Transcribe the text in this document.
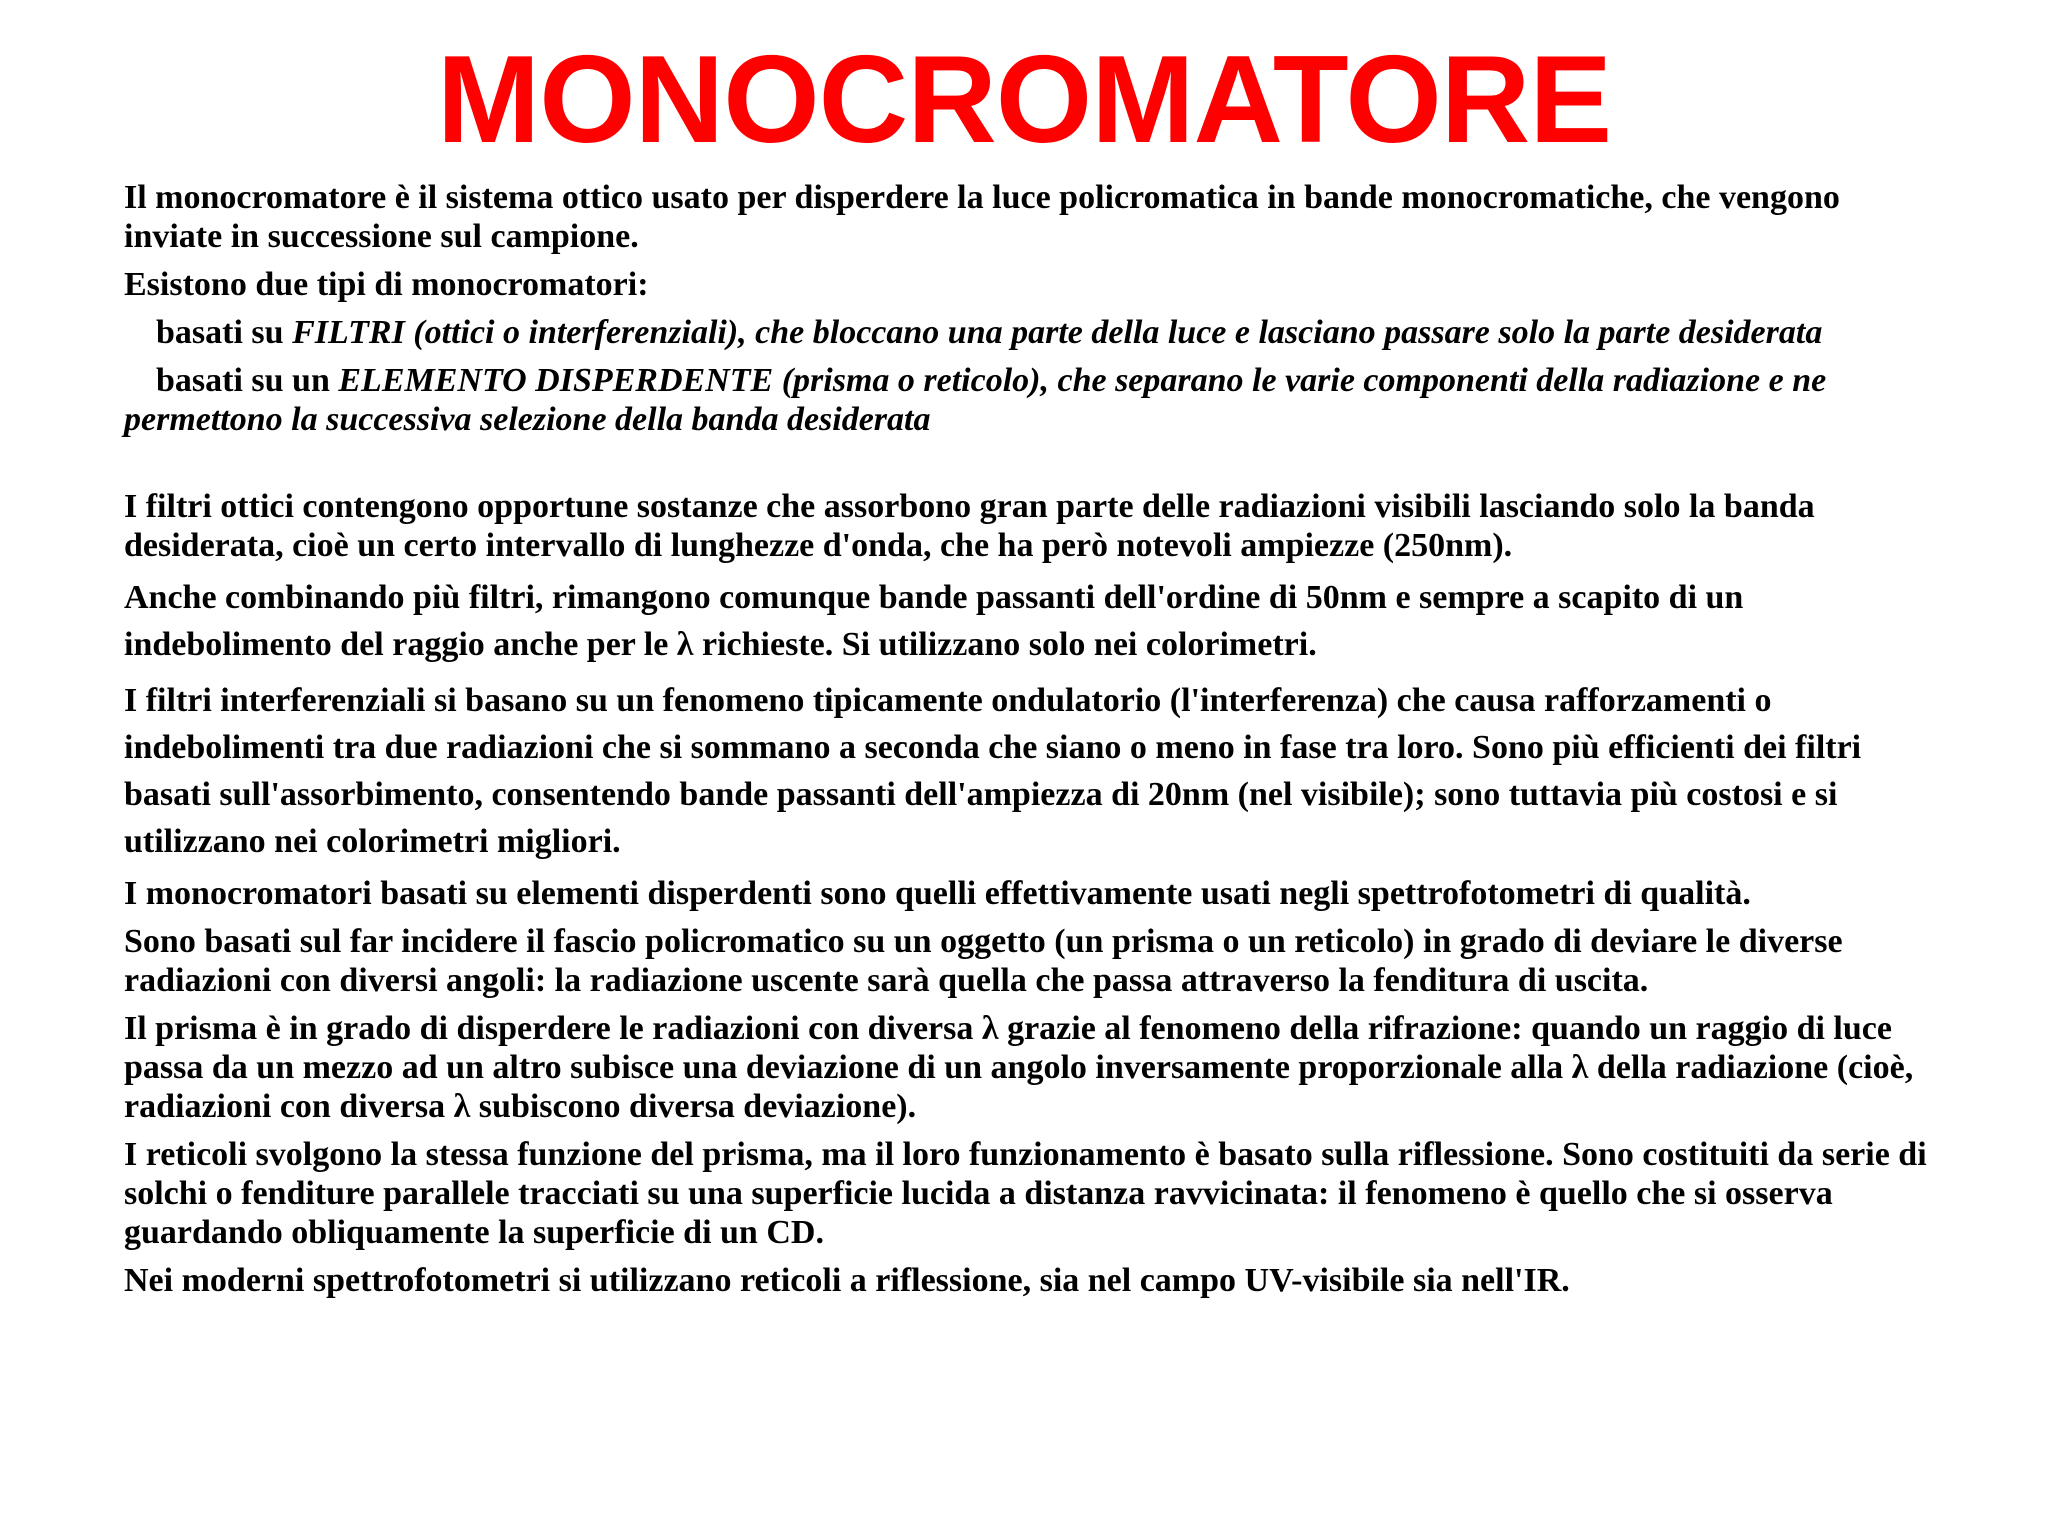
MONOCROMATORE

Il monocromatore è il sistema ottico usato per disperdere la luce policromatica in bande monocromatiche, che vengono inviate in successione sul campione.

Esistono due tipi di monocromatori:

basati su FILTRI (ottici o interferenziali), che bloccano una parte della luce e lasciano passare solo la parte desiderata

basati su un ELEMENTO DISPERDENTE (prisma o reticolo), che separano le varie componenti della radiazione e ne permettono la successiva selezione della banda desiderata

I filtri ottici contengono opportune sostanze che assorbono gran parte delle radiazioni visibili lasciando solo la banda desiderata, cioè un certo intervallo di lunghezze d'onda, che ha però notevoli ampiezze (250nm).

Anche combinando più filtri, rimangono comunque bande passanti dell'ordine di 50nm e sempre a scapito di un indebolimento del raggio anche per le λ richieste. Si utilizzano solo nei colorimetri.

I filtri interferenziali si basano su un fenomeno tipicamente ondulatorio (l'interferenza) che causa rafforzamenti o indebolimenti tra due radiazioni che si sommano a seconda che siano o meno in fase tra loro. Sono più efficienti dei filtri basati sull'assorbimento, consentendo bande passanti dell'ampiezza di 20nm (nel visibile); sono tuttavia più costosi e si utilizzano nei colorimetri migliori.

I monocromatori basati su elementi disperdenti sono quelli effettivamente usati negli spettrofotometri di qualità.

Sono basati sul far incidere il fascio policromatico su un oggetto (un prisma o un reticolo) in grado di deviare le diverse radiazioni con diversi angoli: la radiazione uscente sarà quella che passa attraverso la fenditura di uscita.

Il prisma è in grado di disperdere le radiazioni con diversa λ grazie al fenomeno della rifrazione: quando un raggio di luce passa da un mezzo ad un altro subisce una deviazione di un angolo inversamente proporzionale alla λ della radiazione (cioè, radiazioni con diversa λ subiscono diversa deviazione).

I reticoli svolgono la stessa funzione del prisma, ma il loro funzionamento è basato sulla riflessione. Sono costituiti da serie di solchi o fenditure parallele tracciati su una superficie lucida a distanza ravvicinata: il fenomeno è quello che si osserva guardando obliquamente la superficie di un CD.

Nei moderni spettrofotometri si utilizzano reticoli a riflessione, sia nel campo UV-visibile sia nell'IR.
